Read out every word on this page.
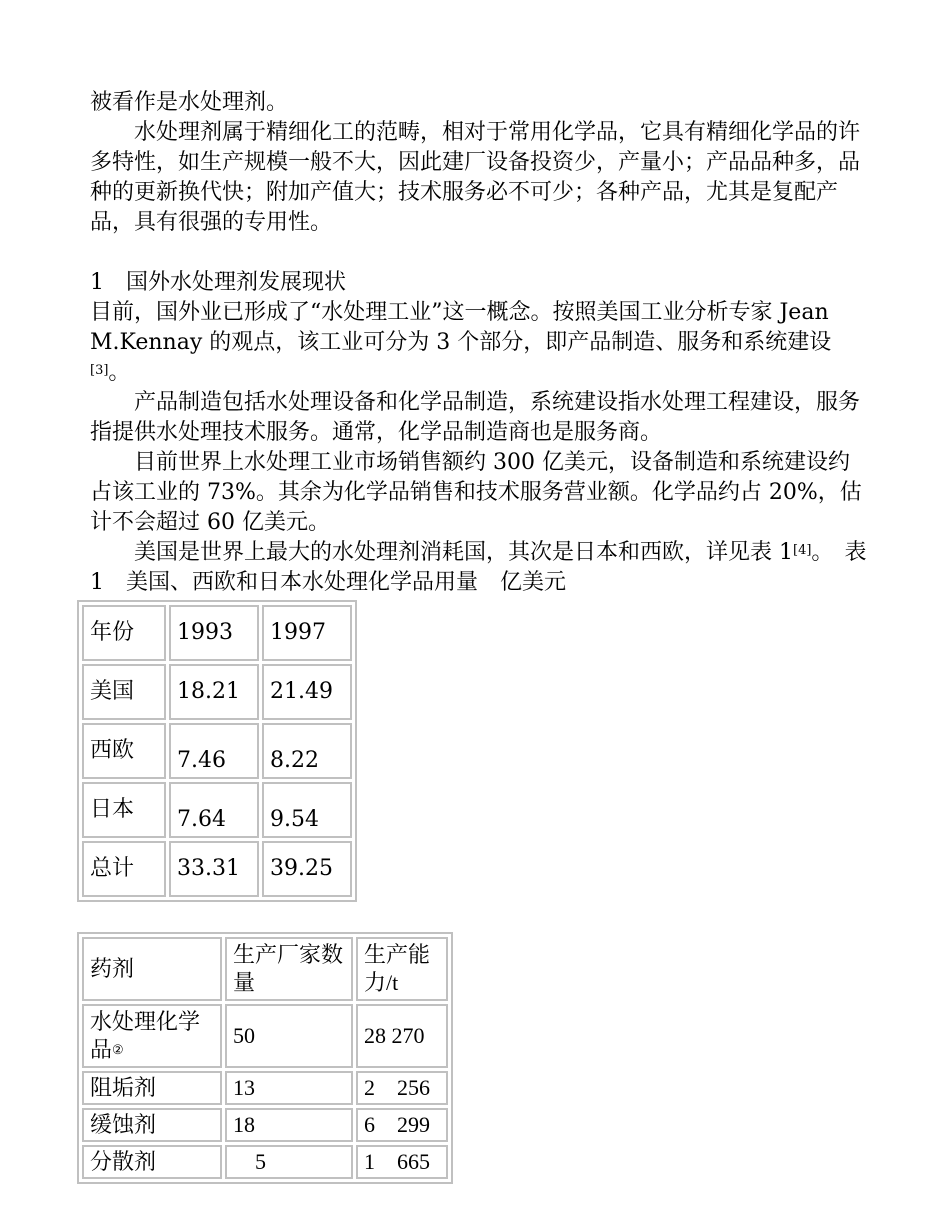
被看作是水处理剂。

水处理剂属于精细化工的范畴，相对于常用化学品，它具有精细化学品的许多特性，如生产规模一般不大，因此建厂设备投资少，产量小；产品品种多，品种的更新换代快；附加产值大；技术服务必不可少；各种产品，尤其是复配产品，具有很强的专用性。

1　国外水处理剂发展现状

目前，国外业已形成了“水处理工业”这一概念。按照美国工业分析专家 Jean M.Kennay 的观点，该工业可分为 3 个部分，即产品制造、服务和系统建设[3]。

产品制造包括水处理设备和化学品制造，系统建设指水处理工程建设，服务指提供水处理技术服务。通常，化学品制造商也是服务商。

目前世界上水处理工业市场销售额约 300 亿美元，设备制造和系统建设约占该工业的 73%。其余为化学品销售和技术服务营业额。化学品约占 20%，估计不会超过 60 亿美元。

美国是世界上最大的水处理剂消耗国，其次是日本和西欧，详见表 1[4]。　 表 1　美国、西欧和日本水处理化学品用量　亿美元

年份	1993	1997
美国	18.21	21.49
西欧	7.46	8.22
日本	7.64	9.54
总计	33.31	39.25
药剂	生产厂家数量	生产能力/t
水处理化学品②	50	28 270
阻垢剂	13	2　256
缓蚀剂	18	6　299
分散剂	　5	1　665
